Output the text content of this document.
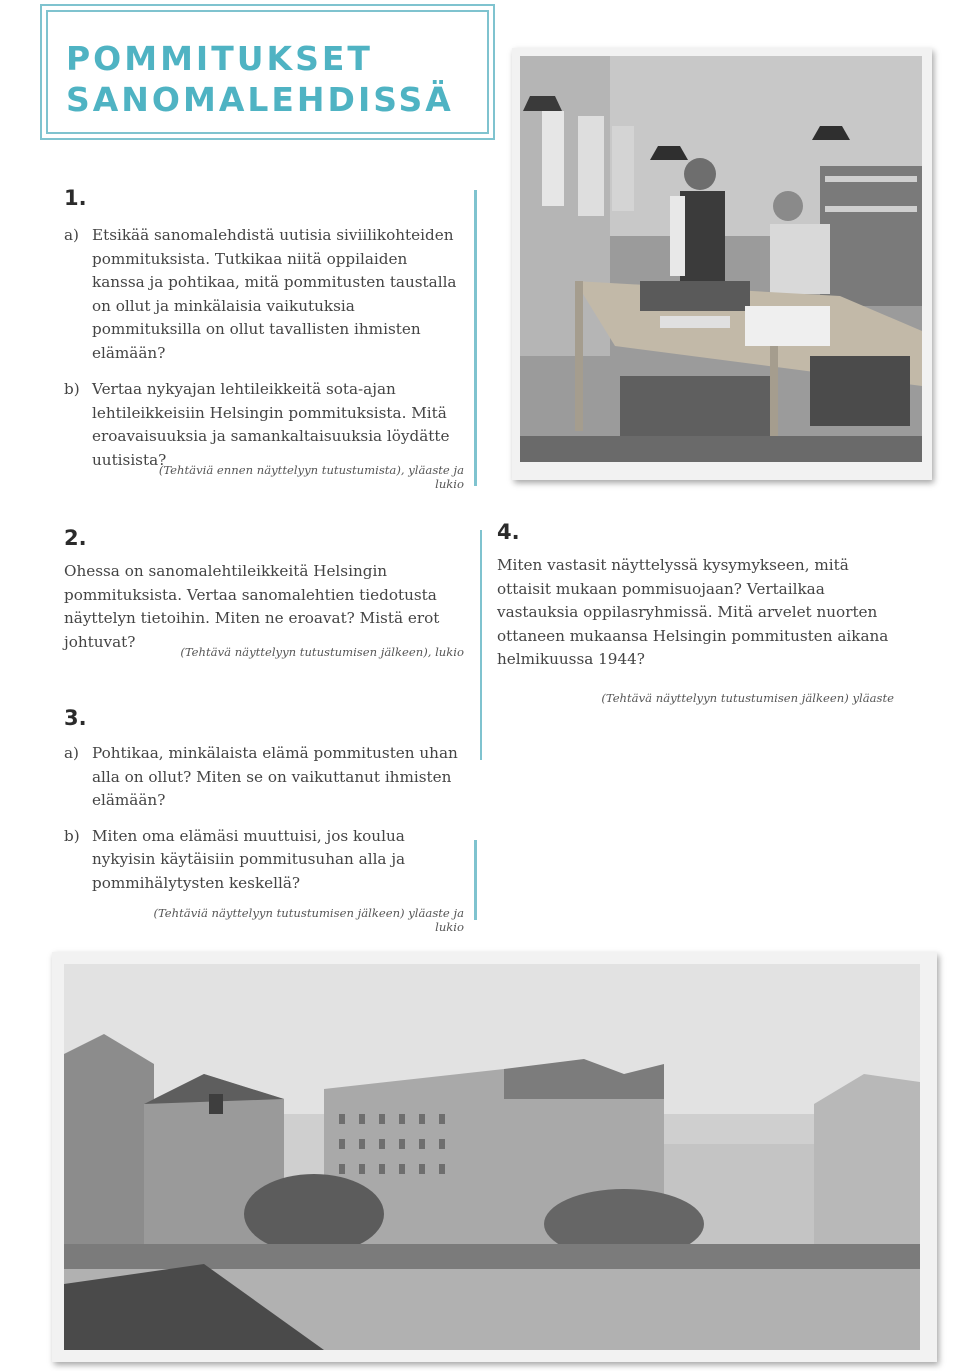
POMMITUKSET
SANOMALEHDISSÄ

1.

a) Etsikää sanomalehdistä uutisia siviilikohteiden pommituksista. Tutkikaa niitä oppilaiden kanssa ja pohtikaa, mitä pommitusten taustalla on ollut ja minkälaisia vaikutuksia pommituksilla on ollut tavallisten ihmisten elämään?

b) Vertaa nykyajan lehtileikkeitä sota-ajan lehtileikkeisiin Helsingin pommituksista. Mitä eroavaisuuksia ja samankaltaisuuksia löydätte uutisista?

(Tehtäviä ennen näyttelyyn tutustumista), yläaste ja lukio

2.

Ohessa on sanomalehtileikkeitä Helsingin pommituksista. Vertaa sanomalehtien tiedotusta näyttelyn tietoihin. Miten ne eroavat? Mistä erot johtuvat?

(Tehtävä näyttelyyn tutustumisen jälkeen), lukio

4.

Miten vastasit näyttelyssä kysymykseen, mitä ottaisit mukaan pommisuojaan? Vertailkaa vastauksia oppilasryhmissä. Mitä arvelet nuorten ottaneen mukaansa Helsingin pommitusten aikana helmikuussa 1944?

(Tehtävä näyttelyyn tutustumisen jälkeen) yläaste

3.

a) Pohtikaa, minkälaista elämä pommitusten uhan alla on ollut? Miten se on vaikuttanut ihmisten elämään?

b) Miten oma elämäsi muuttuisi, jos koulua nykyisin käytäisiin pommitusuhan alla ja pommihälytysten keskellä?

(Tehtäviä näyttelyyn tutustumisen jälkeen) yläaste ja lukio
